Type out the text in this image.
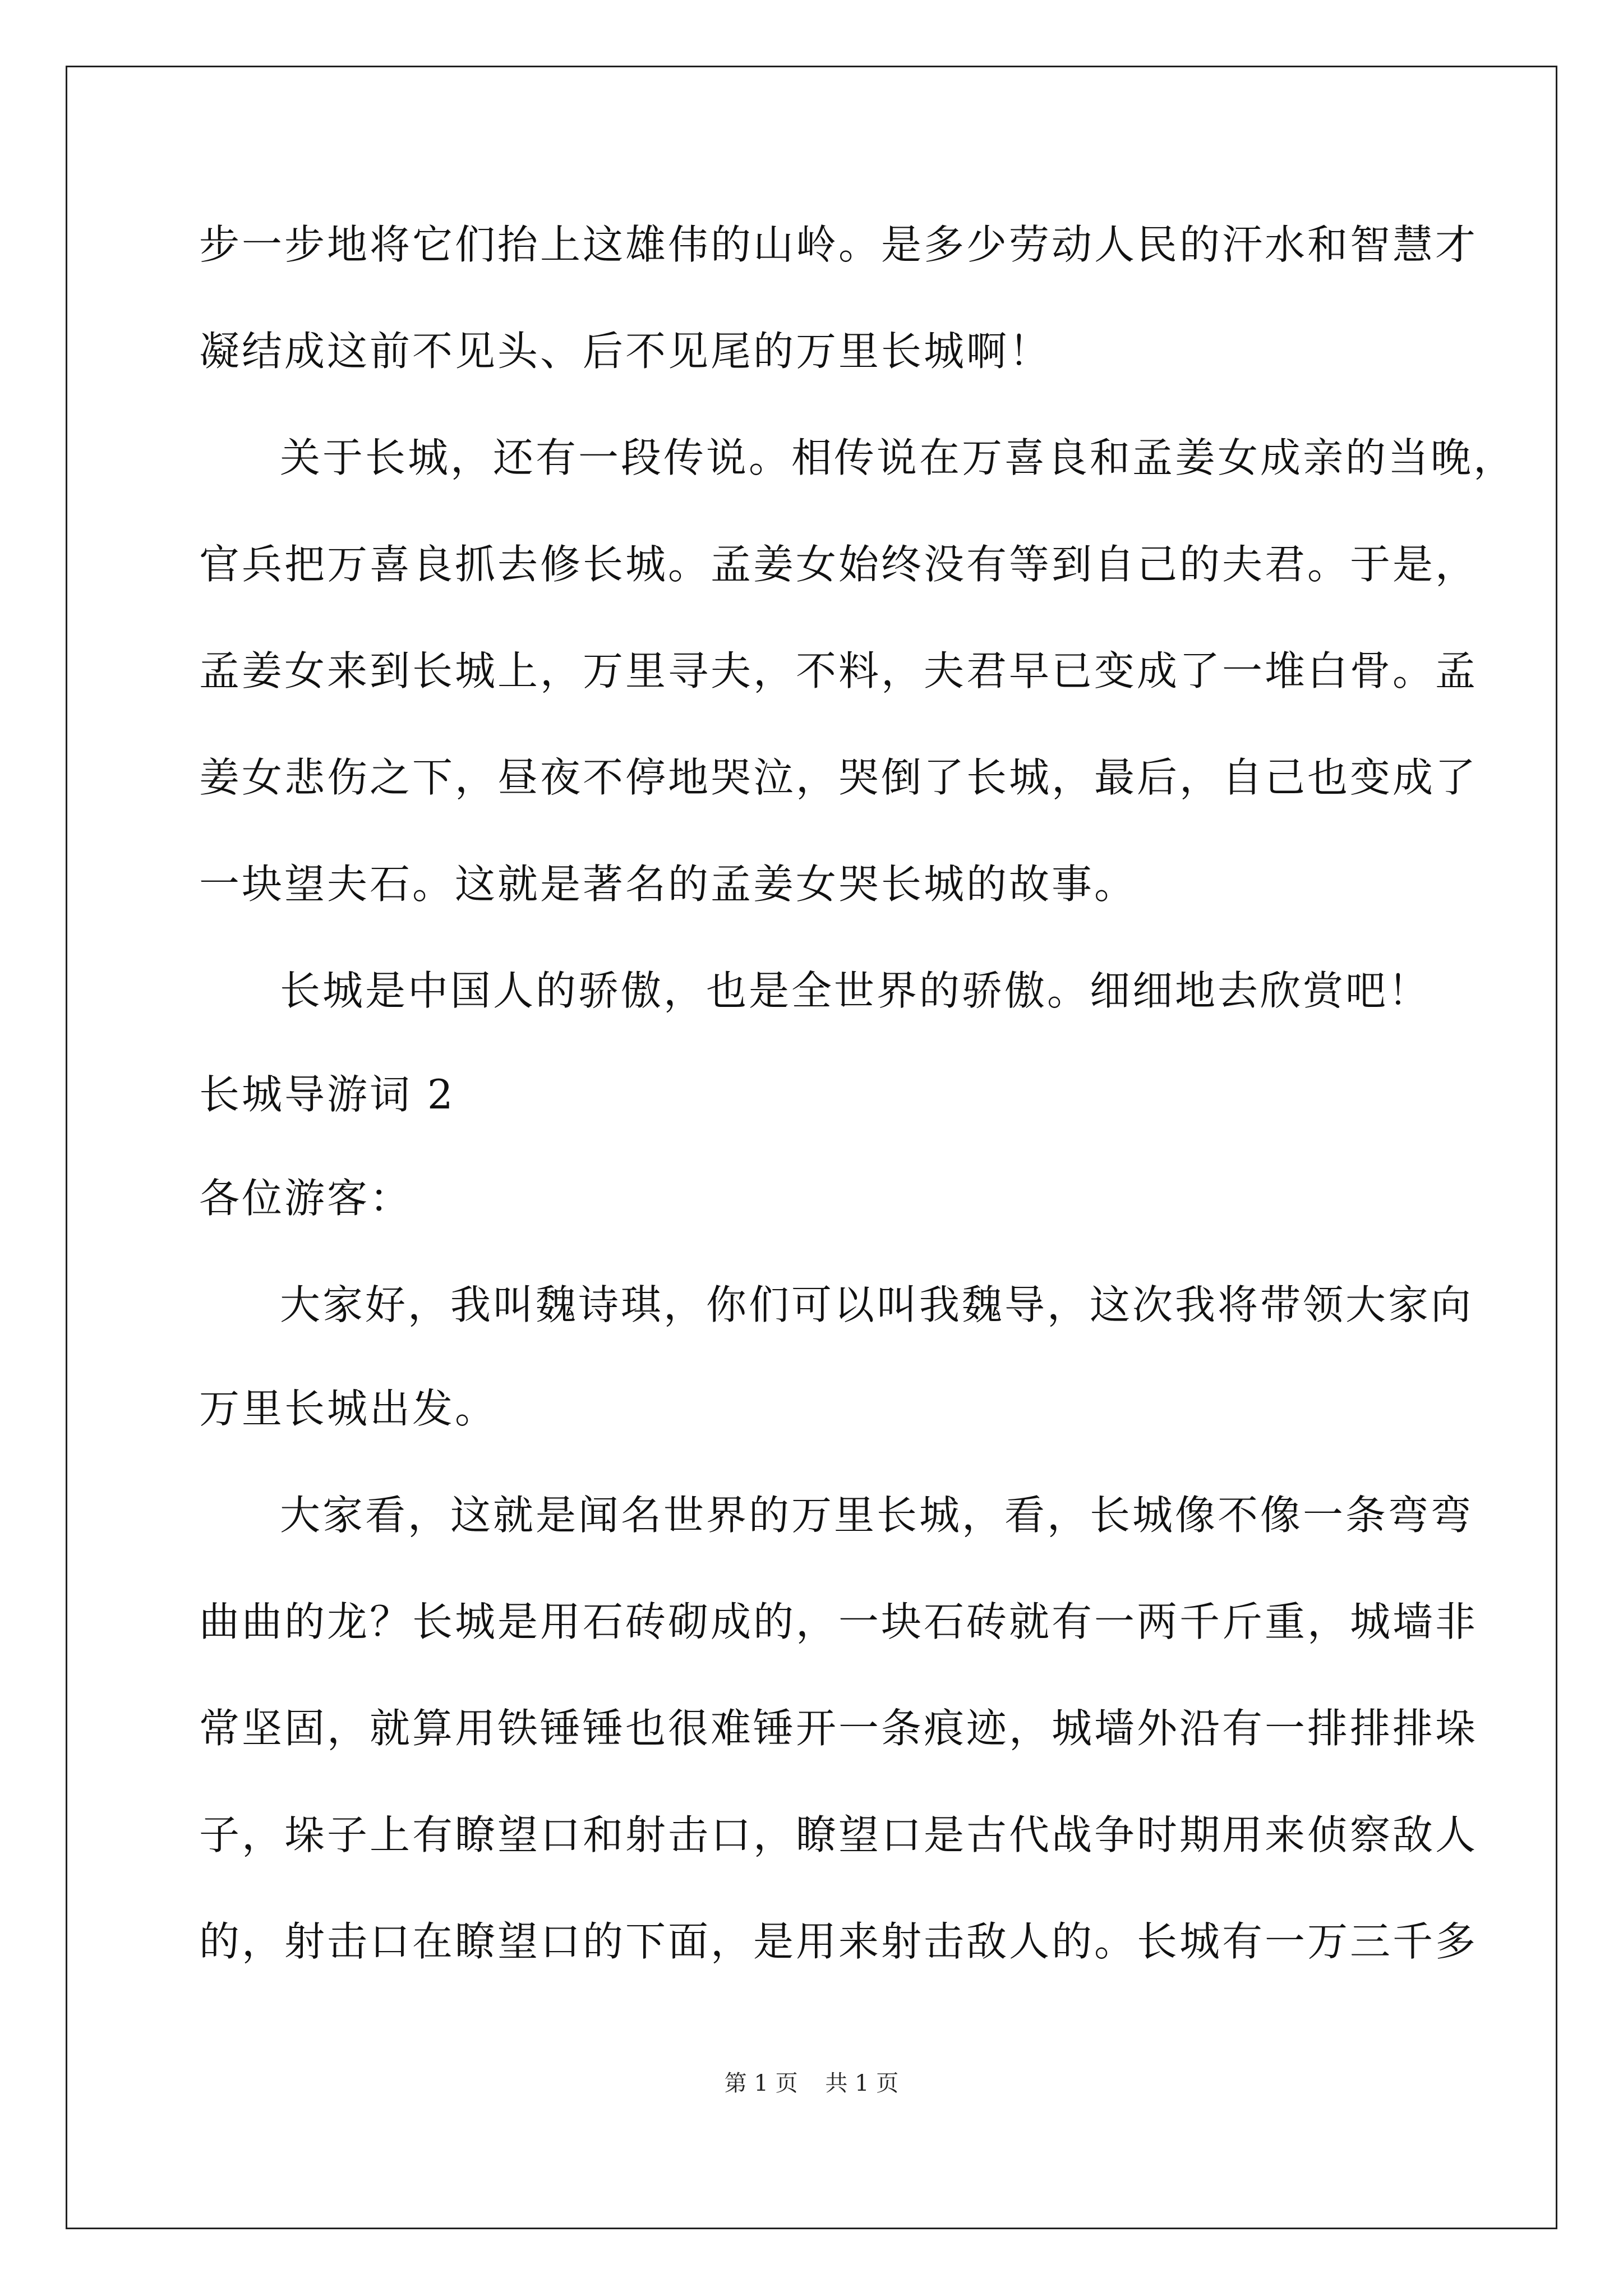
步一步地将它们抬上这雄伟的山岭。是多少劳动人民的汗水和智慧才
凝结成这前不见头、后不见尾的万里长城啊！
关于长城，还有一段传说。相传说在万喜良和孟姜女成亲的当晚，
官兵把万喜良抓去修长城。孟姜女始终没有等到自己的夫君。于是，
孟姜女来到长城上，万里寻夫，不料，夫君早已变成了一堆白骨。孟
姜女悲伤之下，昼夜不停地哭泣，哭倒了长城，最后，自己也变成了
一块望夫石。这就是著名的孟姜女哭长城的故事。
长城是中国人的骄傲，也是全世界的骄傲。细细地去欣赏吧！
长城导游词 2
各位游客：
大家好，我叫魏诗琪，你们可以叫我魏导，这次我将带领大家向
万里长城出发。
大家看，这就是闻名世界的万里长城，看，长城像不像一条弯弯
曲曲的龙？长城是用石砖砌成的，一块石砖就有一两千斤重，城墙非
常坚固，就算用铁锤锤也很难锤开一条痕迹，城墙外沿有一排排排垛
子，垛子上有瞭望口和射击口，瞭望口是古代战争时期用来侦察敌人
的，射击口在瞭望口的下面，是用来射击敌人的。长城有一万三千多
第 1 页 共 1 页
